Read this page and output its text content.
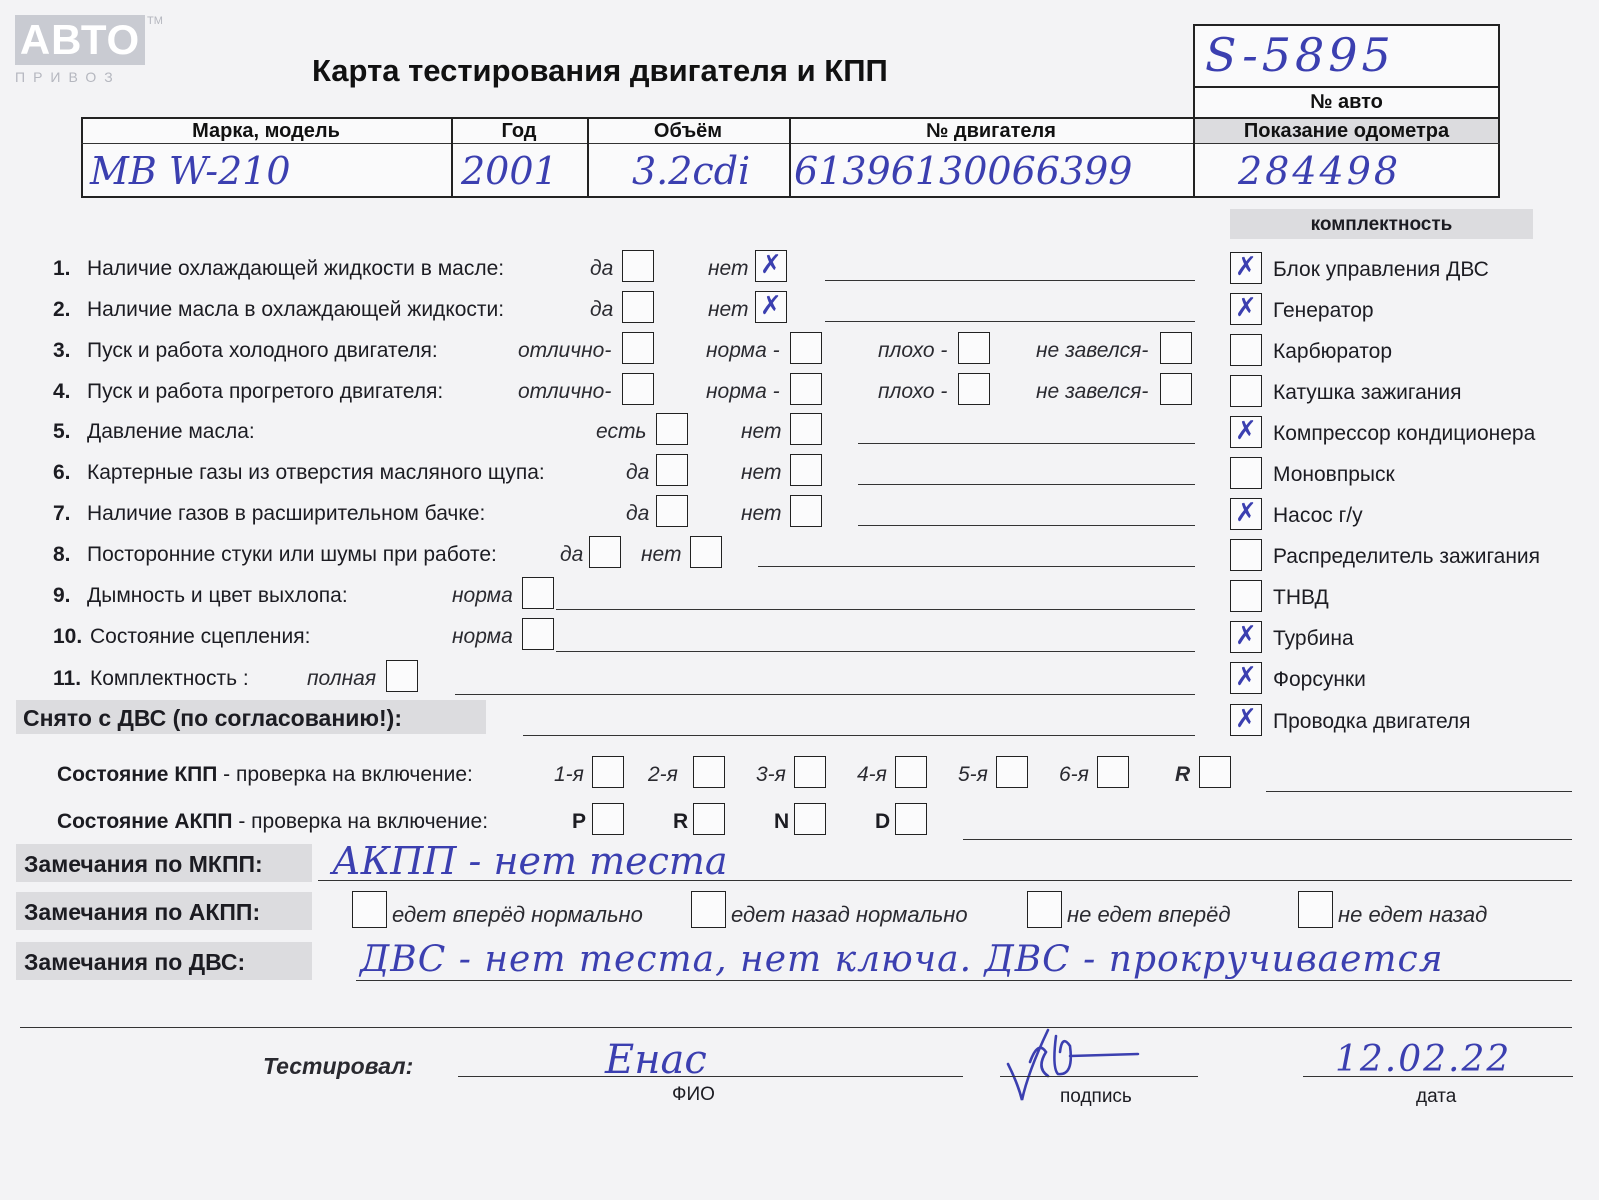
АВТО
ПРИВОЗ
ТМ
Карта тестирования двигателя и КПП	S-5895
№ авто
Марка, модель	Год	Объём	№ двигателя	Показание одометра
МВ W-210	2001 3.2cdi 61396130066399	284498
комплектность
1. Наличие охлаждающей жидкости в масле:	да	нет ✗
2. Наличие масла в охлаждающей жидкости:	да	нет ✗
3. Пуск и работа холодного двигателя:	отлично-	норма -	плохо -	не завелся-
4. Пуск и работа прогретого двигателя:	отлично-	норма -	плохо -	не завелся-
5. Давление масла:	есть	нет
6. Картерные газы из отверстия масляного щупа:	да	нет
7. Наличие газов в расширительном бачке:	да	нет
8. Посторонние стуки или шумы при работе:	да	нет
9. Дымность и цвет выхлопа:	норма
10. Состояние сцепления:	норма
11. Комплектность :	полная
✗ Блок управления ДВС
✗ Генератор
Карбюратор
Катушка зажигания
✗ Компрессор кондиционера
Моновпрыск
✗ Насос г/у
Распределитель зажигания
ТНВД
✗ Турбина
✗ Форсунки
✗ Проводка двигателя
Снято с ДВС (по согласованию!):
Состояние КПП - проверка на включение:	1-я	2-я	3-я	4-я	5-я	6-я	R
Состояние АКПП - проверка на включение:	P	R	N	D
Замечания по МКПП: АКПП - нет теста
Замечания по АКПП:	едет вперёд нормально	едет назад нормально	не едет вперёд	не едет назад
Замечания по ДВС:	ДВС - нет теста, нет ключа. ДВС - прокручивается
Тестировал:	Енас
ФИО	подпись
12.02.22
дата
